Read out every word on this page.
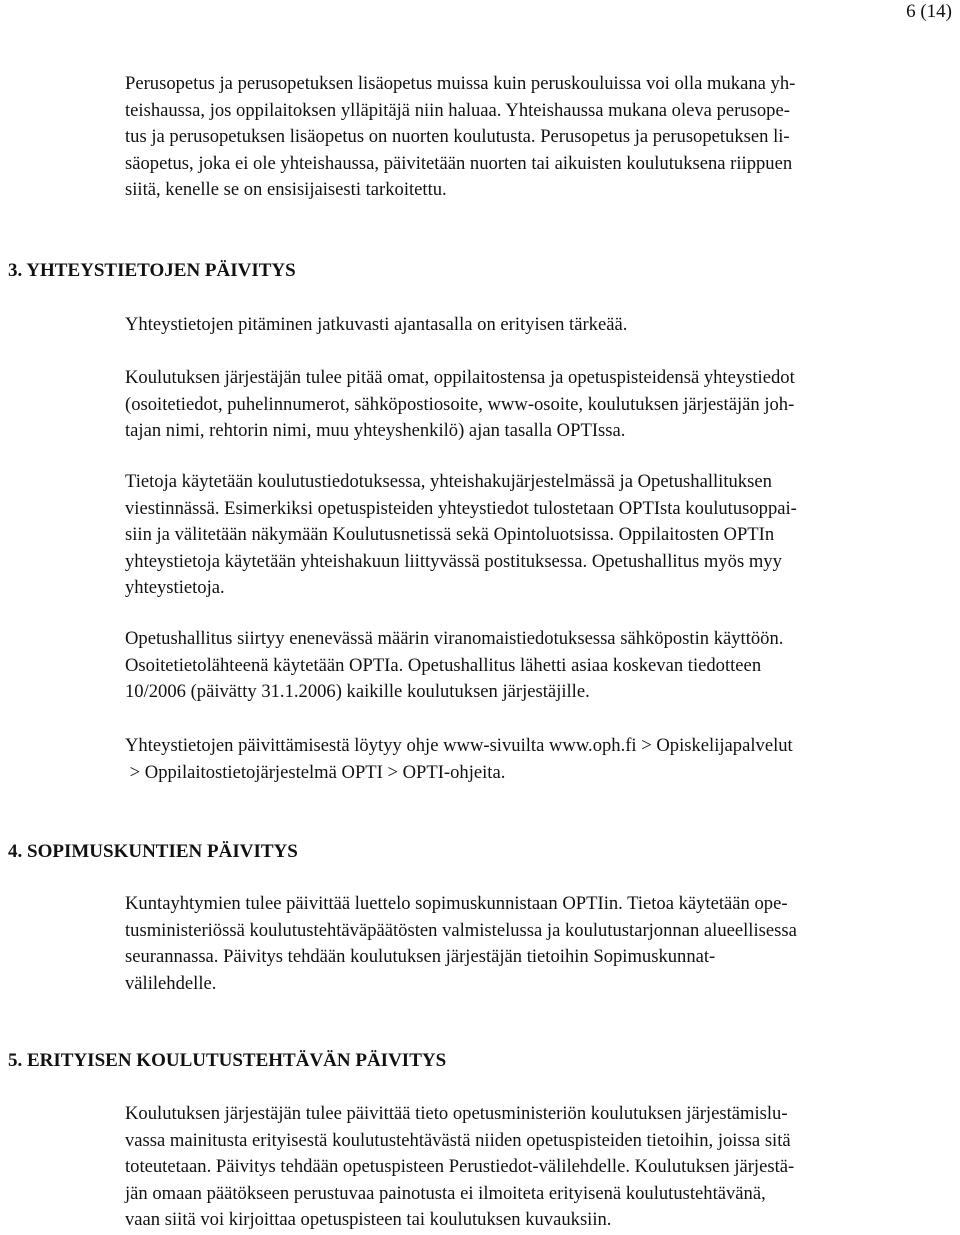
6 (14)
Perusopetus ja perusopetuksen lisäopetus muissa kuin peruskouluissa voi olla mukana yh-
teishaussa, jos oppilaitoksen ylläpitäjä niin haluaa. Yhteishaussa mukana oleva perusope-
tus ja perusopetuksen lisäopetus on nuorten koulutusta. Perusopetus ja perusopetuksen li-
säopetus, joka ei ole yhteishaussa, päivitetään nuorten tai aikuisten koulutuksena riippuen
siitä, kenelle se on ensisijaisesti tarkoitettu.
3. YHTEYSTIETOJEN PÄIVITYS
Yhteystietojen pitäminen jatkuvasti ajantasalla on erityisen tärkeää.
Koulutuksen järjestäjän tulee pitää omat, oppilaitostensa ja opetuspisteidensä yhteystiedot
(osoitetiedot, puhelinnumerot, sähköpostiosoite, www-osoite, koulutuksen järjestäjän joh-
tajan nimi, rehtorin nimi, muu yhteyshenkilö) ajan tasalla OPTIssa.
Tietoja käytetään koulutustiedotuksessa, yhteishakujärjestelmässä ja Opetushallituksen
viestinnässä. Esimerkiksi opetuspisteiden yhteystiedot tulostetaan OPTIsta koulutusoppai-
siin ja välitetään näkymään Koulutusnetissä sekä Opintoluotsissa. Oppilaitosten OPTIn
yhteystietoja käytetään yhteishakuun liittyvässä postituksessa. Opetushallitus myös myy
yhteystietoja.
Opetushallitus siirtyy enenevässä määrin viranomaistiedotuksessa sähköpostin käyttöön.
Osoitetietolähteenä käytetään OPTIa. Opetushallitus lähetti asiaa koskevan tiedotteen
10/2006 (päivätty 31.1.2006) kaikille koulutuksen järjestäjille.
Yhteystietojen päivittämisestä löytyy ohje www-sivuilta www.oph.fi > Opiskelijapalvelut
> Oppilaitostietojärjestelmä OPTI > OPTI-ohjeita.
4. SOPIMUSKUNTIEN PÄIVITYS
Kuntayhtymien tulee päivittää luettelo sopimuskunnistaan OPTIin. Tietoa käytetään ope-
tusministeriössä koulutustehtäväpäätösten valmistelussa ja koulutustarjonnan alueellisessa
seurannassa. Päivitys tehdään koulutuksen järjestäjän tietoihin Sopimuskunnat-
välilehdelle.
5. ERITYISEN KOULUTUSTEHTÄVÄN PÄIVITYS
Koulutuksen järjestäjän tulee päivittää tieto opetusministeriön koulutuksen järjestämislu-
vassa mainitusta erityisestä koulutustehtävästä niiden opetuspisteiden tietoihin, joissa sitä
toteutetaan. Päivitys tehdään opetuspisteen Perustiedot-välilehdelle. Koulutuksen järjestä-
jän omaan päätökseen perustuvaa painotusta ei ilmoiteta erityisenä koulutustehtävänä,
vaan siitä voi kirjoittaa opetuspisteen tai koulutuksen kuvauksiin.
